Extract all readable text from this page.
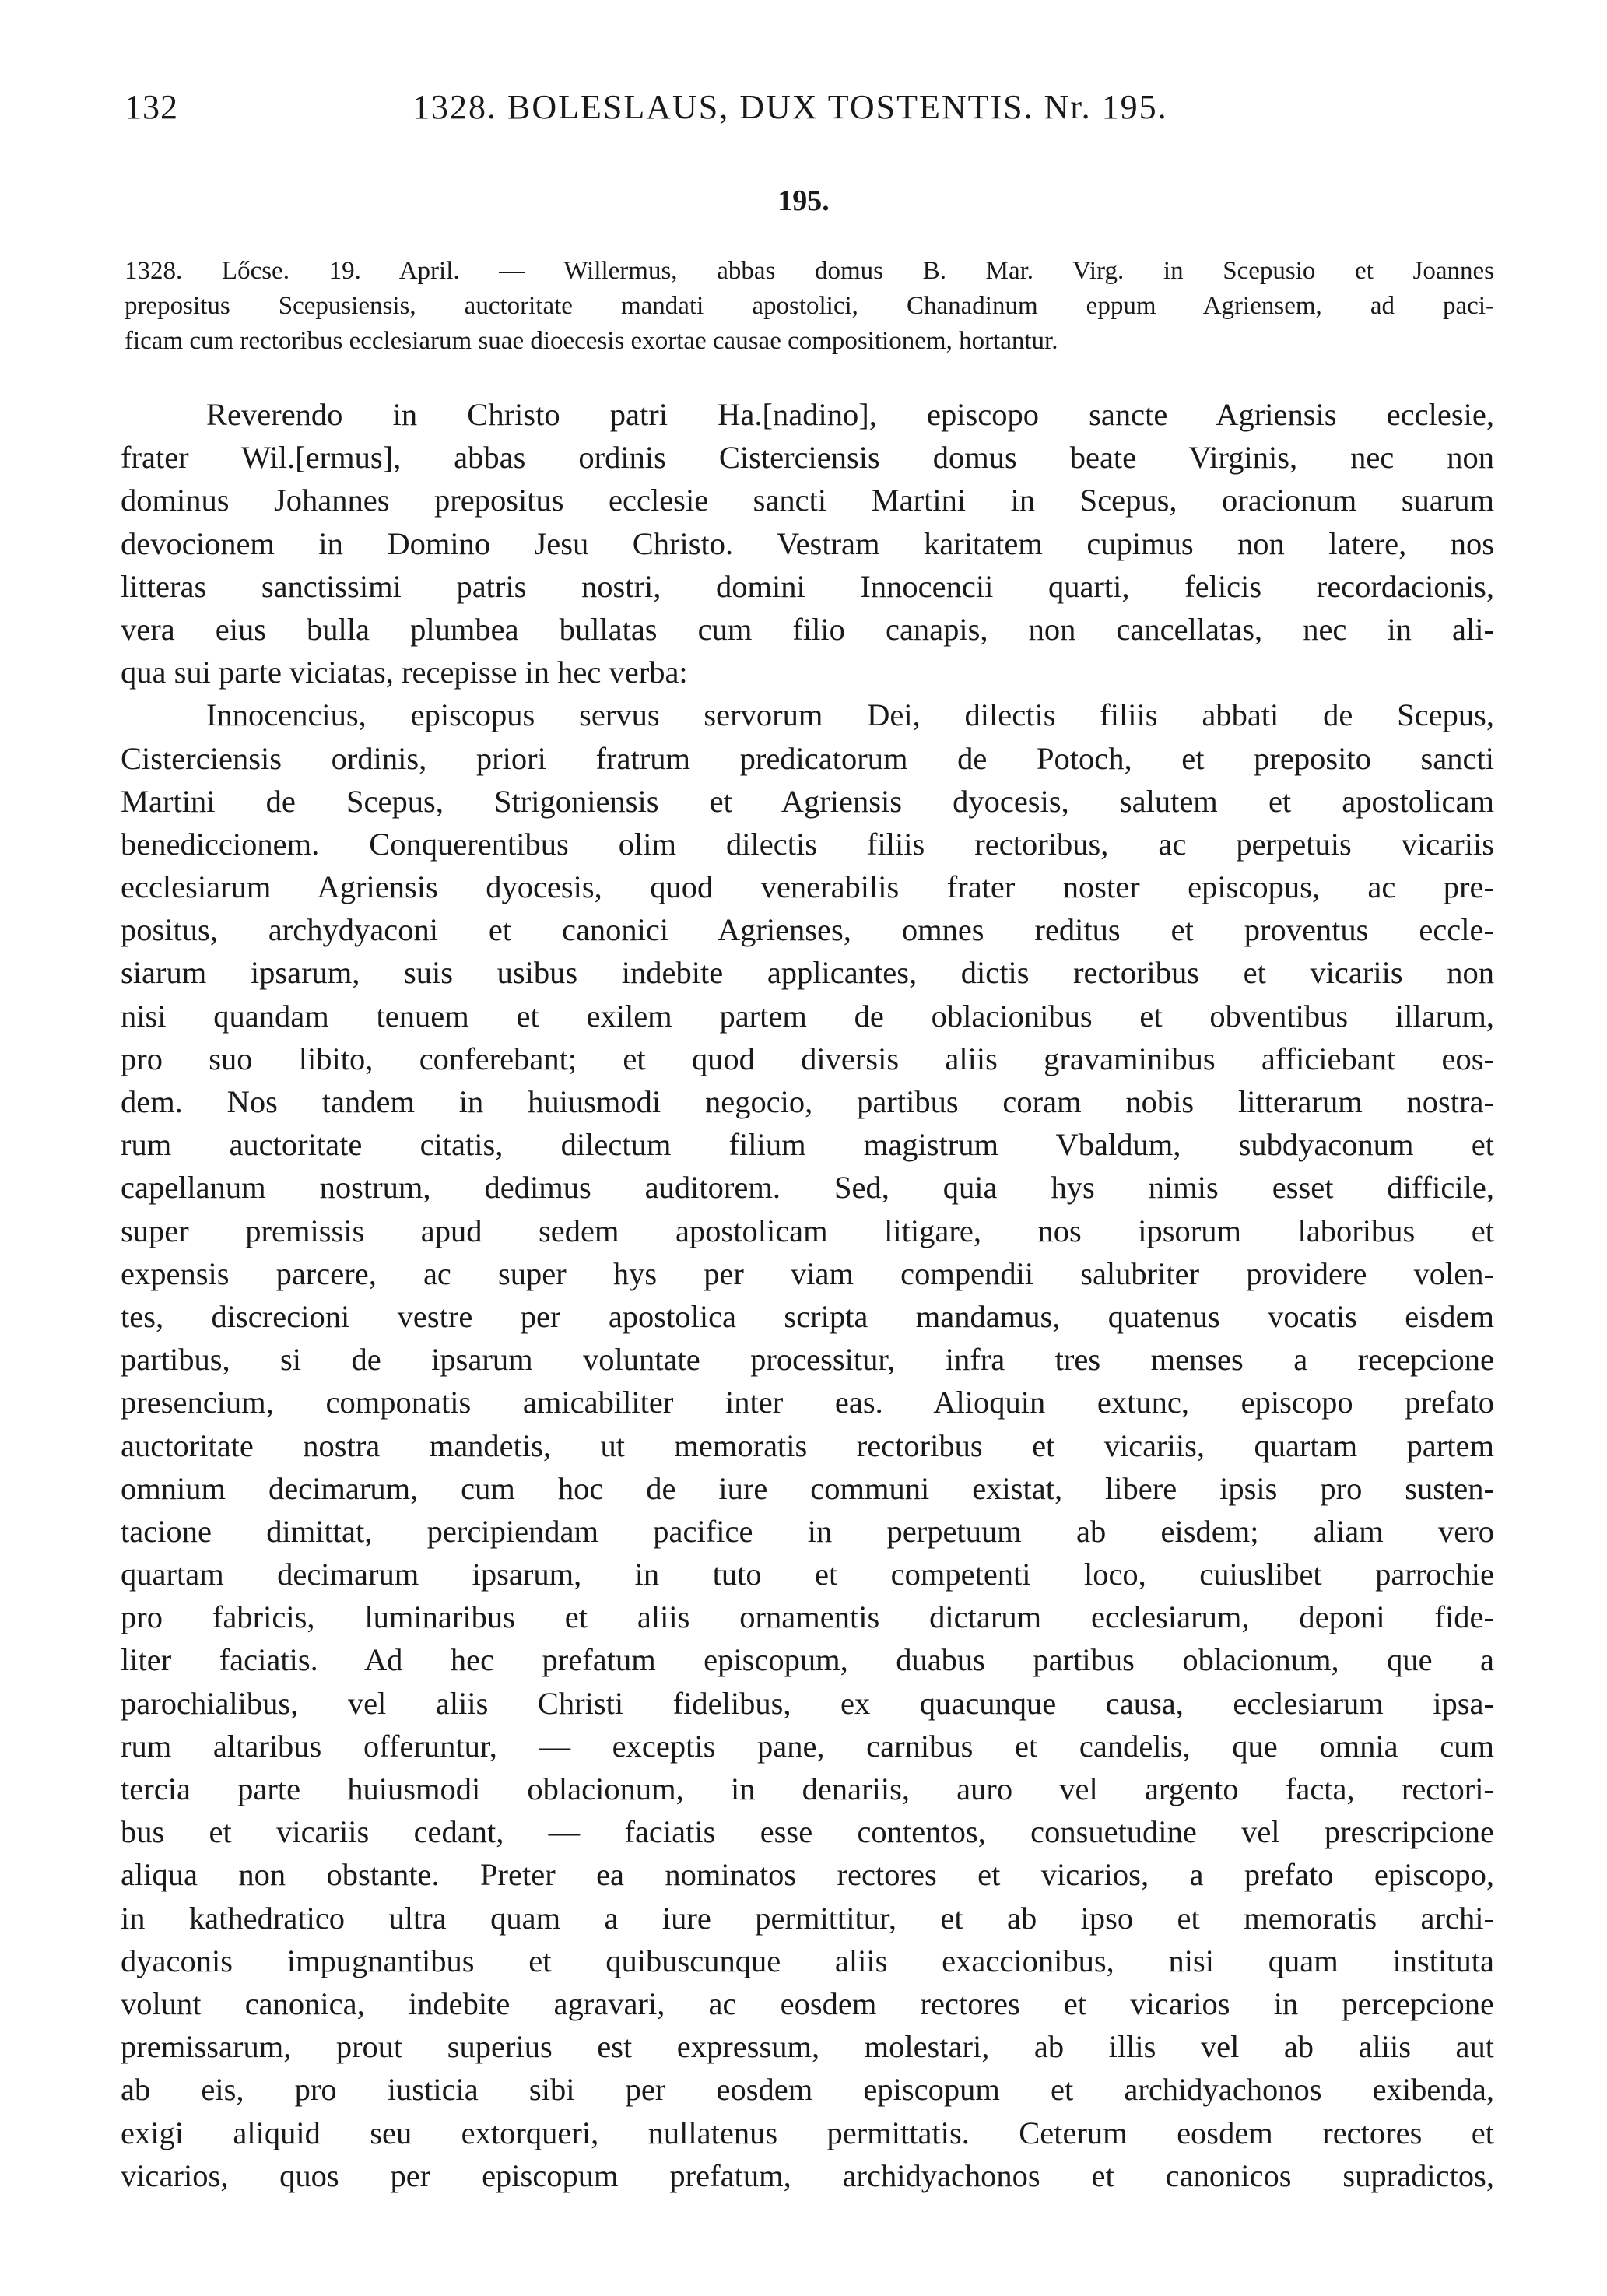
132	1328. BOLESLAUS, DUX TOSTENTIS. Nr. 195.
195.
1328. Lőcse. 19. April. — Willermus, abbas domus B. Mar. Virg. in Scepusio et Joannes
prepositus Scepusiensis, auctoritate mandati apostolici, Chanadinum eppum Agriensem, ad paci-
ficam cum rectoribus ecclesiarum suae dioecesis exortae causae compositionem, hortantur.
Reverendo in Christo patri Ha.[nadino], episcopo sancte Agriensis ecclesie,
frater Wil.[ermus], abbas ordinis Cisterciensis domus beate Virginis, nec non
dominus Johannes prepositus ecclesie sancti Martini in Scepus, oracionum suarum
devocionem in Domino Jesu Christo. Vestram karitatem cupimus non latere, nos
litteras sanctissimi patris nostri, domini Innocencii quarti, felicis recordacionis,
vera eius bulla plumbea bullatas cum filio canapis, non cancellatas, nec in ali-
qua sui parte viciatas, recepisse in hec verba:
Innocencius, episcopus servus servorum Dei, dilectis filiis abbati de Scepus,
Cisterciensis ordinis, priori fratrum predicatorum de Potoch, et preposito sancti
Martini de Scepus, Strigoniensis et Agriensis dyocesis, salutem et apostolicam
benediccionem. Conquerentibus olim dilectis filiis rectoribus, ac perpetuis vicariis
ecclesiarum Agriensis dyocesis, quod venerabilis frater noster episcopus, ac pre-
positus, archydyaconi et canonici Agrienses, omnes reditus et proventus eccle-
siarum ipsarum, suis usibus indebite applicantes, dictis rectoribus et vicariis non
nisi quandam tenuem et exilem partem de oblacionibus et obventibus illarum,
pro suo libito, conferebant; et quod diversis aliis gravaminibus afficiebant eos-
dem. Nos tandem in huiusmodi negocio, partibus coram nobis litterarum nostra-
rum auctoritate citatis, dilectum filium magistrum Vbaldum, subdyaconum et
capellanum nostrum, dedimus auditorem. Sed, quia hys nimis esset difficile,
super premissis apud sedem apostolicam litigare, nos ipsorum laboribus et
expensis parcere, ac super hys per viam compendii salubriter providere volen-
tes, discrecioni vestre per apostolica scripta mandamus, quatenus vocatis eisdem
partibus, si de ipsarum voluntate processitur, infra tres menses a recepcione
presencium, componatis amicabiliter inter eas. Alioquin extunc, episcopo prefato
auctoritate nostra mandetis, ut memoratis rectoribus et vicariis, quartam partem
omnium decimarum, cum hoc de iure communi existat, libere ipsis pro susten-
tacione dimittat, percipiendam pacifice in perpetuum ab eisdem; aliam vero
quartam decimarum ipsarum, in tuto et competenti loco, cuiuslibet parrochie
pro fabricis, luminaribus et aliis ornamentis dictarum ecclesiarum, deponi fide-
liter faciatis. Ad hec prefatum episcopum, duabus partibus oblacionum, que a
parochialibus, vel aliis Christi fidelibus, ex quacunque causa, ecclesiarum ipsa-
rum altaribus offeruntur, — exceptis pane, carnibus et candelis, que omnia cum
tercia parte huiusmodi oblacionum, in denariis, auro vel argento facta, rectori-
bus et vicariis cedant, — faciatis esse contentos, consuetudine vel prescripcione
aliqua non obstante. Preter ea nominatos rectores et vicarios, a prefato episcopo,
in kathedratico ultra quam a iure permittitur, et ab ipso et memoratis archi-
dyaconis impugnantibus et quibuscunque aliis exaccionibus, nisi quam instituta
volunt canonica, indebite agravari, ac eosdem rectores et vicarios in percepcione
premissarum, prout superius est expressum, molestari, ab illis vel ab aliis aut
ab eis, pro iusticia sibi per eosdem episcopum et archidyachonos exibenda,
exigi aliquid seu extorqueri, nullatenus permittatis. Ceterum eosdem rectores et
vicarios, quos per episcopum prefatum, archidyachonos et canonicos supradictos,
